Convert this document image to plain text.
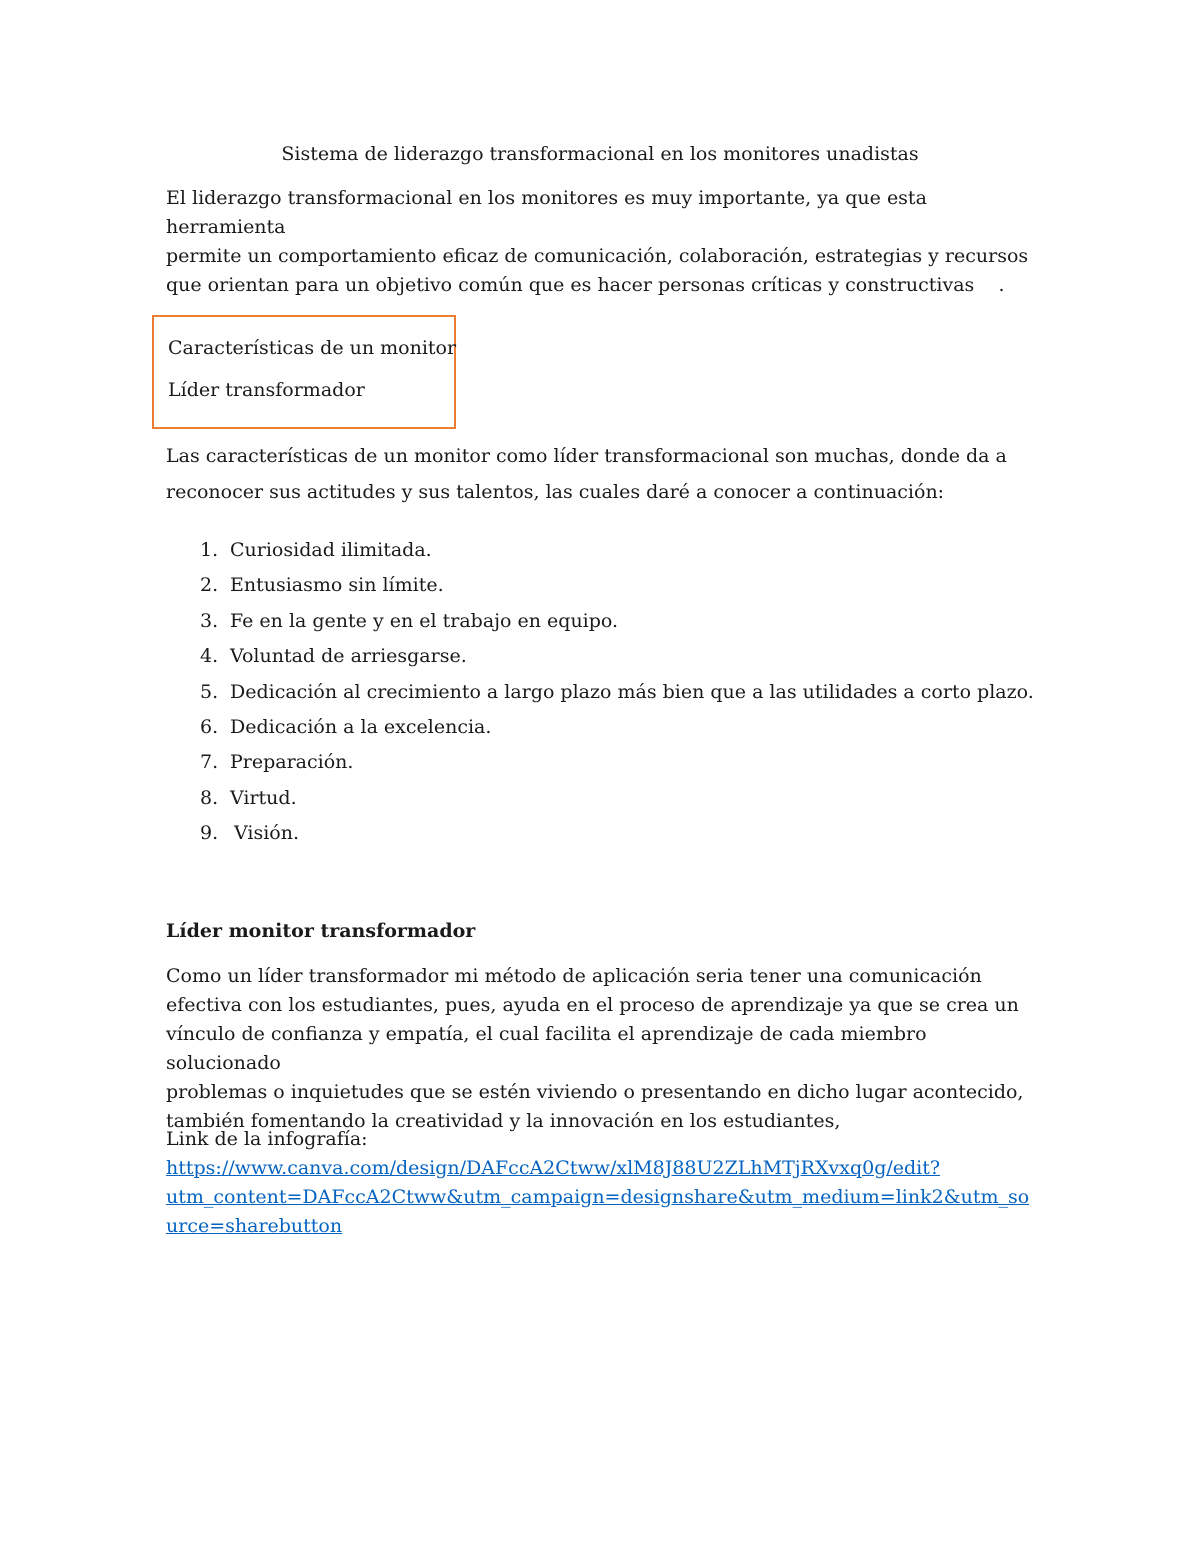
Sistema de liderazgo transformacional en los monitores unadistas

El liderazgo transformacional en los monitores es muy importante, ya que esta herramienta
permite un comportamiento eficaz de comunicación, colaboración, estrategias y recursos
que orientan para un objetivo común que es hacer personas críticas y constructivas    .

Características de un monitor

Líder transformador

Las características de un monitor como líder transformacional son muchas, donde da a
reconocer sus actitudes y sus talentos, las cuales daré a conocer a continuación:

1. Curiosidad ilimitada.
2. Entusiasmo sin límite.
3. Fe en la gente y en el trabajo en equipo.
4. Voluntad de arriesgarse.
5. Dedicación al crecimiento a largo plazo más bien que a las utilidades a corto plazo.
6. Dedicación a la excelencia.
7. Preparación.
8. Virtud.
9. Visión.

Líder monitor transformador

Como un líder transformador mi método de aplicación seria tener una comunicación
efectiva con los estudiantes, pues, ayuda en el proceso de aprendizaje ya que se crea un
vínculo de confianza y empatía, el cual facilita el aprendizaje de cada miembro solucionado
problemas o inquietudes que se estén viviendo o presentando en dicho lugar acontecido,
también fomentando la creatividad y la innovación en los estudiantes,

Link de la infografía:

https://www.canva.com/design/DAFccA2Ctww/xlM8J88U2ZLhMTjRXvxq0g/edit?
utm_content=DAFccA2Ctww&utm_campaign=designshare&utm_medium=link2&utm_so
urce=sharebutton
